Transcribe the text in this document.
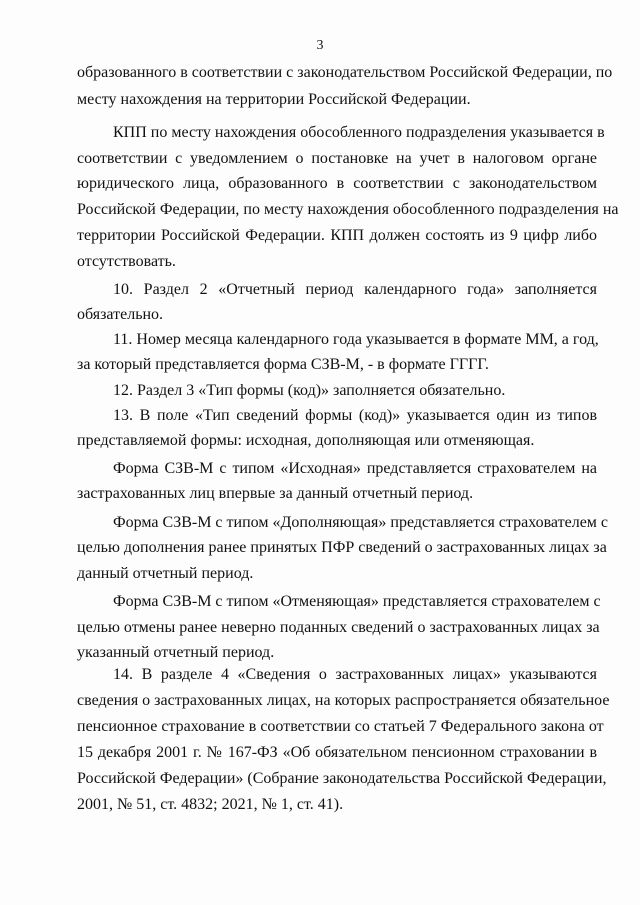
3
образованного в соответствии с законодательством Российской Федерации, по
месту нахождения на территории Российской Федерации.
КПП по месту нахождения обособленного подразделения указывается в
соответствии с уведомлением о постановке на учет в налоговом органе
юридического лица, образованного в соответствии с законодательством
Российской Федерации, по месту нахождения обособленного подразделения на
территории Российской Федерации. КПП должен состоять из 9 цифр либо
отсутствовать.
10. Раздел 2 «Отчетный период календарного года» заполняется
обязательно.
11. Номер месяца календарного года указывается в формате ММ, а год,
за который представляется форма СЗВ-М, - в формате ГГГГ.
12. Раздел 3 «Тип формы (код)» заполняется обязательно.
13. В поле «Тип сведений формы (код)» указывается один из типов
представляемой формы: исходная, дополняющая или отменяющая.
Форма СЗВ-М с типом «Исходная» представляется страхователем на
застрахованных лиц впервые за данный отчетный период.
Форма СЗВ-М с типом «Дополняющая» представляется страхователем с
целью дополнения ранее принятых ПФР сведений о застрахованных лицах за
данный отчетный период.
Форма СЗВ-М с типом «Отменяющая» представляется страхователем с
целью отмены ранее неверно поданных сведений о застрахованных лицах за
указанный отчетный период.
14. В разделе 4 «Сведения о застрахованных лицах» указываются
сведения о застрахованных лицах, на которых распространяется обязательное
пенсионное страхование в соответствии со статьей 7 Федерального закона от
15 декабря 2001 г. № 167-ФЗ «Об обязательном пенсионном страховании в
Российской Федерации» (Собрание законодательства Российской Федерации,
2001, № 51, ст. 4832; 2021, № 1, ст. 41).
